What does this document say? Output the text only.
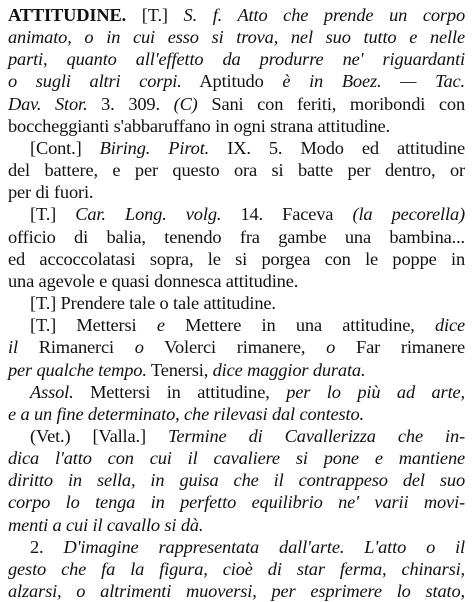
ATTITUDINE. [T.] S. f. Atto che prende un corpo
animato, o in cui esso si trova, nel suo tutto e nelle
parti, quanto all'effetto da produrre ne' riguardanti
o sugli altri corpi. Aptitudo è in Boez. — Tac.
Dav. Stor. 3. 309. (C) Sani con feriti, moribondi con
boccheggianti s'abbaruffano in ogni strana attitudine.
[Cont.] Biring. Pirot. IX. 5. Modo ed attitudine
del battere, e per questo ora si batte per dentro, or
per di fuori.
[T.] Car. Long. volg. 14. Faceva (la pecorella)
officio di balia, tenendo fra gambe una bambina...
ed accoccolatasi sopra, le si porgea con le poppe in
una agevole e quasi donnesca attitudine.
[T.] Prendere tale o tale attitudine.
[T.] Mettersi e Mettere in una attitudine, dice
il Rimanerci o Volerci rimanere, o Far rimanere
per qualche tempo. Tenersi, dice maggior durata.
Assol. Mettersi in attitudine, per lo più ad arte,
e a un fine determinato, che rilevasi dal contesto.
(Vet.) [Valla.] Termine di Cavallerizza che in-
dica l'atto con cui il cavaliere si pone e mantiene
diritto in sella, in guisa che il contrappeso del suo
corpo lo tenga in perfetto equilibrio ne' varii movi-
menti a cui il cavallo si dà.
2. D'imagine rappresentata dall'arte. L'atto o il
gesto che fa la figura, cioè di star ferma, chinarsi,
alzarsi, o altrimenti muoversi, per esprimere lo stato,
